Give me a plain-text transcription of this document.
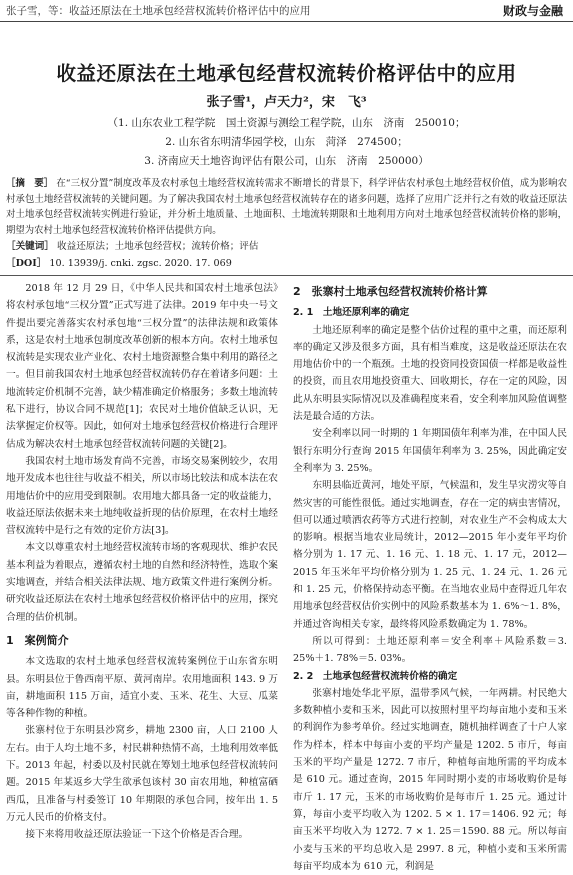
张子雪，等：收益还原法在土地承包经营权流转价格评估中的应用	财政与金融
收益还原法在土地承包经营权流转价格评估中的应用
张子雪¹，卢天力²，宋　飞³
（1. 山东农业工程学院　国土资源与测绘工程学院，山东　济南　250010；
2. 山东省东明清华园学校，山东　菏泽　274500；
3. 济南应天土地咨询评估有限公司，山东　济南　250000）
［摘　要］ 在“三权分置”制度改革及农村承包土地经营权流转需求不断增长的背景下，科学评估农村承包土地经营权价值，成为影响农村承包土地经营权流转的关键问题。为了解决我国农村土地承包经营权流转存在的诸多问题，选择了应用广泛并行之有效的收益还原法对土地承包经营权流转实例进行验证，并分析土地质量、土地面积、土地流转期限和土地利用方向对土地承包经营权流转价格的影响，期望为农村土地承包经营权流转价格评估提供方向。
［关键词］ 收益还原法；土地承包经营权；流转价格；评估
［DOI］ 10. 13939/j. cnki. zgsc. 2020. 17. 069

2018 年 12 月 29 日，《中华人民共和国农村土地承包法》将农村承包地“三权分置”正式写进了法律。2019 年中央一号文件提出要完善落实农村承包地“三权分置”的法律法规和政策体系，这是农村土地承包制度改革创新的根本方向。农村土地承包权流转是实现农业产业化、农村土地资源整合集中利用的路径之一。但目前我国农村土地承包经营权流转仍存在着诸多问题：土地流转定价机制不完善，缺少精准确定价格服务；多数土地流转私下进行，协议合同不规范[1]；农民对土地价值缺乏认识，无法掌握定价权等。因此，如何对土地承包经营权价格进行合理评估成为解决农村土地承包经营权流转问题的关键[2]。

我国农村土地市场发育尚不完善，市场交易案例较少，农用地开发成本也往往与收益不相关，所以市场比较法和成本法在农用地估价中的应用受到限制。农用地大都具备一定的收益能力，收益还原法依据未来土地纯收益折现的估价原理，在农村土地经营权流转中是行之有效的定价方法[3]。

本文以尊重农村土地经营权流转市场的客观现状、维护农民基本利益为着眼点，遵循农村土地的自然和经济特性，选取个案实地调查，并结合相关法律法规、地方政策文件进行案例分析。研究收益还原法在农村土地承包经营权价格评估中的应用，探究合理的估价机制。

1　案例简介

本文选取的农村土地承包经营权流转案例位于山东省东明县。东明县位于鲁西南平原、黄河南岸。农用地面积 143. 9 万亩，耕地面积 115 万亩，适宜小麦、玉米、花生、大豆、瓜菜等各种作物的种植。

张寨村位于东明县沙窝乡，耕地 2300 亩，人口 2100 人左右。由于人均土地不多，村民耕种热情不高，土地利用效率低下。2013 年起，村委以及村民就在筹划土地承包经营权流转问题。2015 年某返乡大学生欲承包该村 30 亩农用地，种植富硒西瓜，且准备与村委签订 10 年期限的承包合同，按年出 1. 5 万元人民币的价格支付。

接下来将用收益还原法验证一下这个价格是否合理。

2　张寨村土地承包经营权流转价格计算
2. 1　土地还原利率的确定

土地还原利率的确定是整个估价过程的重中之重，而还原利率的确定又涉及很多方面，具有相当难度，这是收益还原法在农用地估价中的一个瓶颈。土地的投资同投资国债一样都是收益性的投资，而且农用地投资重大、回收期长，存在一定的风险，因此从东明县实际情况以及准确程度来看，安全利率加风险值调整法是最合适的方法。

安全利率以同一时期的 1 年期国债年利率为准，在中国人民银行东明分行查询 2015 年国债年利率为 3. 25%，因此确定安全利率为 3. 25%。

东明县临近黄河，地处平原，气候温和，发生旱灾涝灾等自然灾害的可能性很低。通过实地调查，存在一定的病虫害情况，但可以通过喷洒农药等方式进行控制，对农业生产不会构成太大的影响。根据当地农业局统计，2012—2015 年小麦年平均价格分别为 1. 17 元、1. 16 元、1. 18 元、1. 17 元，2012—2015 年玉米年平均价格分别为 1. 25 元、1. 24 元、1. 26 元和 1. 25 元，价格保持动态平衡。在当地农业局中查得近几年农用地承包经营权估价实例中的风险系数基本为 1. 6%～1. 8%，并通过咨询相关专家，最终将风险系数确定为 1. 78%。

所以可得到：土地还原利率＝安全利率＋风险系数＝3. 25%＋1. 78%＝5. 03%。

2. 2　土地承包经营权流转价格的确定

张寨村地处华北平原，温带季风气候，一年两耕。村民绝大多数种植小麦和玉米，因此可以按照村里平均每亩地小麦和玉米的利润作为参考单价。经过实地调查，随机抽样调查了十户人家作为样本，样本中每亩小麦的平均产量是 1202. 5 市斤，每亩玉米的平均产量是 1272. 7 市斤，种植每亩地所需的平均成本是 610 元。通过查询，2015 年同时期小麦的市场收购价是每市斤 1. 17 元，玉米的市场收购价是每市斤 1. 25 元。通过计算，每亩小麦平均收入为 1202. 5 × 1. 17＝1406. 92 元；每亩玉米平均收入为 1272. 7 × 1. 25＝1590. 88 元。所以每亩小麦与玉米的平均总收入是 2997. 8 元，种植小麦和玉米所需每亩平均成本为 610 元，利润是
